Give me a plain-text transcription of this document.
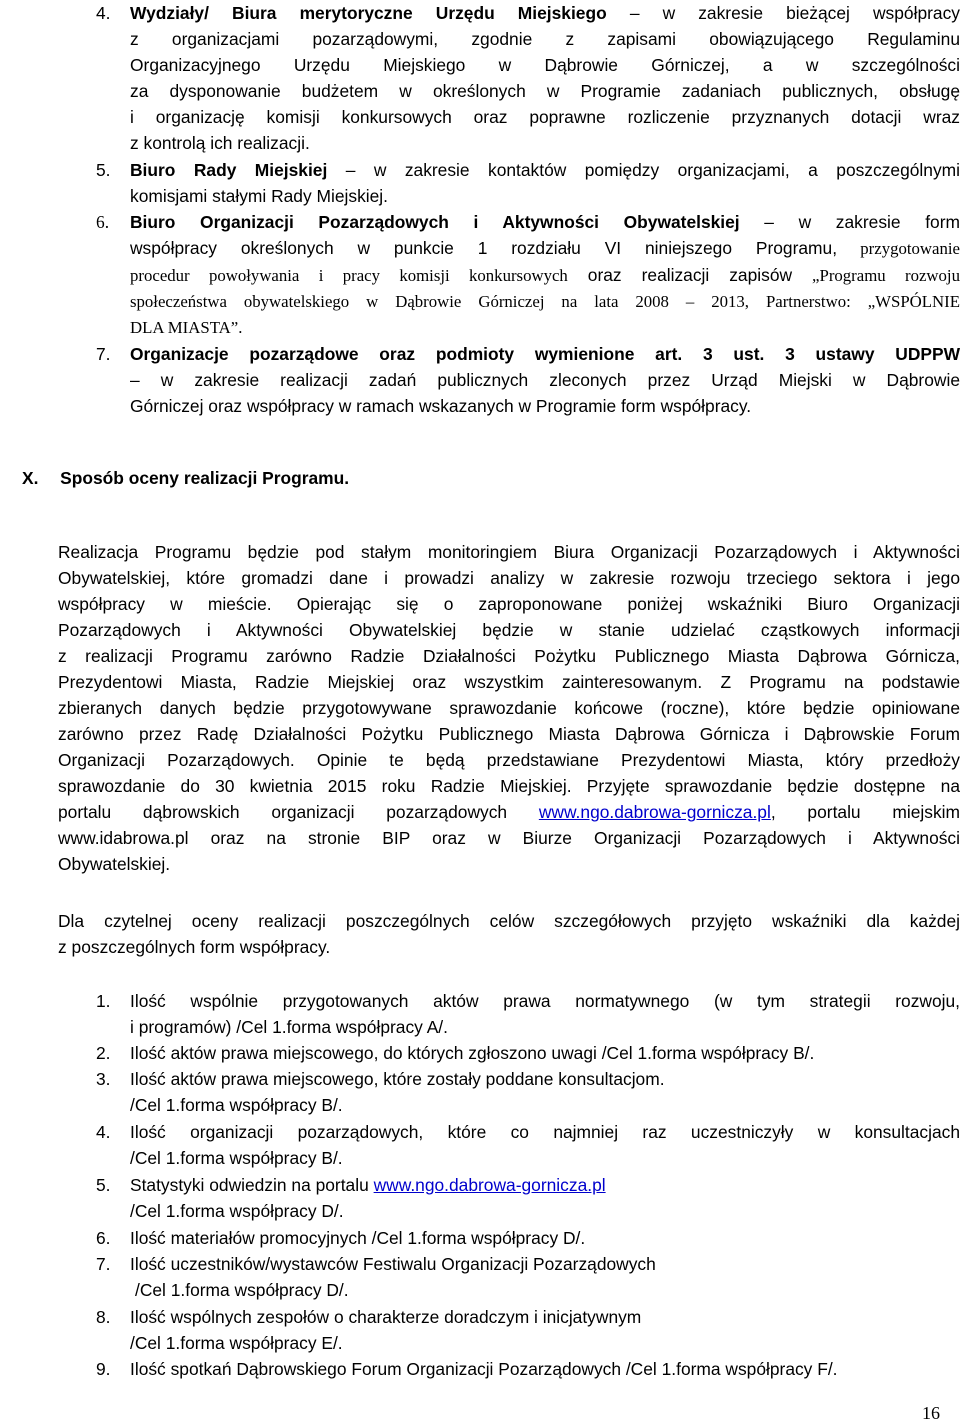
4. Wydziały/ Biura merytoryczne Urzędu Miejskiego – w zakresie bieżącej współpracy
z organizacjami pozarządowymi, zgodnie z zapisami obowiązującego Regulaminu
Organizacyjnego Urzędu Miejskiego w Dąbrowie Górniczej, a w szczególności
za dysponowanie budżetem w określonych w Programie zadaniach publicznych, obsługę
i organizację komisji konkursowych oraz poprawne rozliczenie przyznanych dotacji wraz
z kontrolą ich realizacji.
5. Biuro Rady Miejskiej – w zakresie kontaktów pomiędzy organizacjami, a poszczególnymi
komisjami stałymi Rady Miejskiej.
6. Biuro Organizacji Pozarządowych i Aktywności Obywatelskiej – w zakresie form
współpracy określonych w punkcie 1 rozdziału VI niniejszego Programu, przygotowanie
procedur powoływania i pracy komisji konkursowych oraz realizacji zapisów „Programu rozwoju
społeczeństwa obywatelskiego w Dąbrowie Górniczej na lata 2008 – 2013, Partnerstwo: „WSPÓLNIE
DLA MIASTA”.
7. Organizacje pozarządowe oraz podmioty wymienione art. 3 ust. 3 ustawy UDPPW
– w zakresie realizacji zadań publicznych zleconych przez Urząd Miejski w Dąbrowie
Górniczej oraz współpracy w ramach wskazanych w Programie form współpracy.
X. Sposób oceny realizacji Programu.
Realizacja Programu będzie pod stałym monitoringiem Biura Organizacji Pozarządowych i Aktywności
Obywatelskiej, które gromadzi dane i prowadzi analizy w zakresie rozwoju trzeciego sektora i jego
współpracy w mieście. Opierając się o zaproponowane poniżej wskaźniki Biuro Organizacji
Pozarządowych i Aktywności Obywatelskiej będzie w stanie udzielać cząstkowych informacji
z realizacji Programu zarówno Radzie Działalności Pożytku Publicznego Miasta Dąbrowa Górnicza,
Prezydentowi Miasta, Radzie Miejskiej oraz wszystkim zainteresowanym. Z Programu na podstawie
zbieranych danych będzie przygotowywane sprawozdanie końcowe (roczne), które będzie opiniowane
zarówno przez Radę Działalności Pożytku Publicznego Miasta Dąbrowa Górnicza i Dąbrowskie Forum
Organizacji Pozarządowych. Opinie te będą przedstawiane Prezydentowi Miasta, który przedłoży
sprawozdanie do 30 kwietnia 2015 roku Radzie Miejskiej. Przyjęte sprawozdanie będzie dostępne na
portalu dąbrowskich organizacji pozarządowych www.ngo.dabrowa-gornicza.pl, portalu miejskim
www.idabrowa.pl oraz na stronie BIP oraz w Biurze Organizacji Pozarządowych i Aktywności
Obywatelskiej.
Dla czytelnej oceny realizacji poszczególnych celów szczegółowych przyjęto wskaźniki dla każdej
z poszczególnych form współpracy.
1. Ilość wspólnie przygotowanych aktów prawa normatywnego (w tym strategii rozwoju,
i programów) /Cel 1.forma współpracy A/.
2. Ilość aktów prawa miejscowego, do których zgłoszono uwagi /Cel 1.forma współpracy B/.
3. Ilość aktów prawa miejscowego, które zostały poddane konsultacjom.
/Cel 1.forma współpracy B/.
4. Ilość organizacji pozarządowych, które co najmniej raz uczestniczyły w konsultacjach
/Cel 1.forma współpracy B/.
5. Statystyki odwiedzin na portalu www.ngo.dabrowa-gornicza.pl
/Cel 1.forma współpracy D/.
6. Ilość materiałów promocyjnych /Cel 1.forma współpracy D/.
7. Ilość uczestników/wystawców Festiwalu Organizacji Pozarządowych
/Cel 1.forma współpracy D/.
8. Ilość wspólnych zespołów o charakterze doradczym i inicjatywnym
/Cel 1.forma współpracy E/.
9. Ilość spotkań Dąbrowskiego Forum Organizacji Pozarządowych /Cel 1.forma współpracy F/.
16
